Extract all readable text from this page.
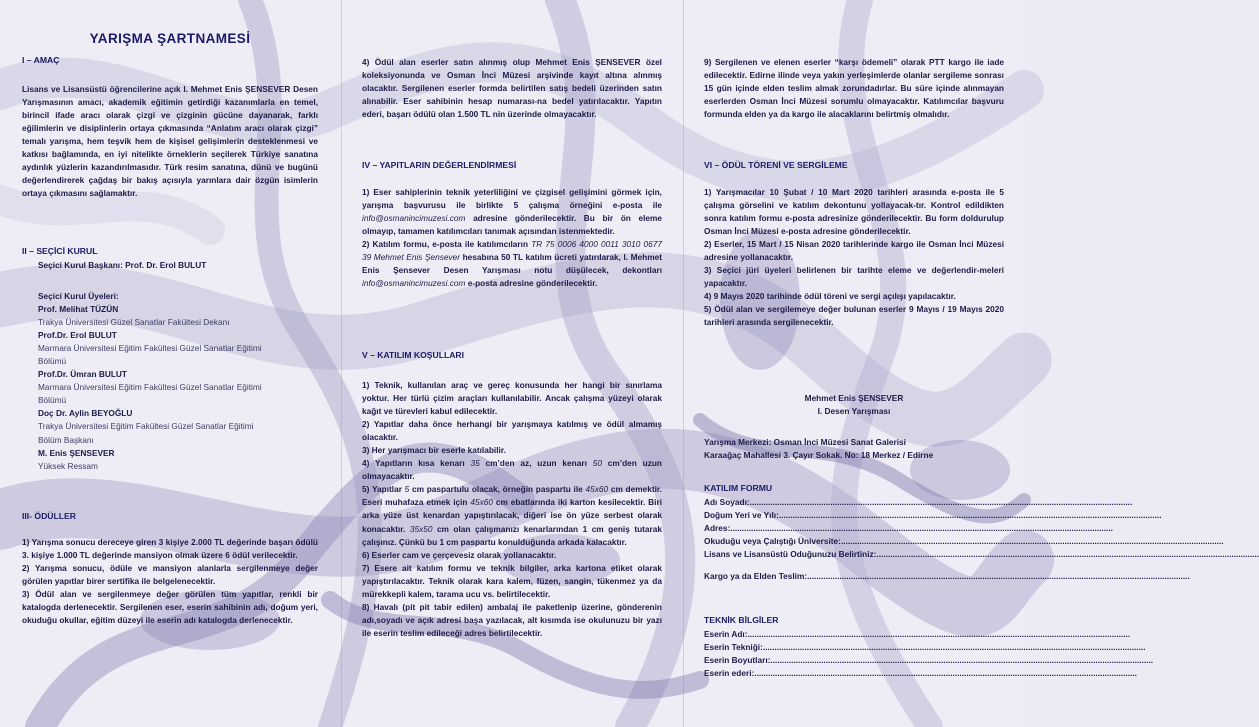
YARIŞMA ŞARTNAMESİ
I – AMAÇ

Lisans ve Lisansüstü öğrencilerine açık I. Mehmet Enis ŞENSEVER Desen Yarışmasının amacı, akademik eğitimin getirdiği kazanımlarla en temel, birincil ifade aracı olarak çizgi ve çizginin gücüne dayanarak, farklı eğilimlerin ve disiplinlerin ortaya çıkmasında “Anlatım aracı olarak çizgi” temalı yarışma, hem teşvik hem de kişisel gelişimlerin desteklenmesi ve katkısı bağlamında, en iyi nitelikte örneklerin seçilerek Türkiye sanatına aydınlık yüzlerin kazandırılmasıdır. Türk resim sanatına, dünü ve bugünü değerlendirerek çağdaş bir bakış açısıyla yarınlara dair özgün isimlerin ortaya çıkmasını sağlamaktır.

II – SEÇİCİ KURUL

Seçici Kurul Başkanı: Prof. Dr. Erol BULUT

Seçici Kurul Üyeleri:

Prof. Melihat TÜZÜN

Trakya Üniversitesi Güzel Sanatlar Fakültesi Dekanı

Prof.Dr. Erol BULUT

Marmara Üniversitesi Eğitim Fakültesi Güzel Sanatlar Eğitimi

Bölümü

Prof.Dr. Ümran BULUT

Marmara Üniversitesi Eğitim Fakültesi Güzel Sanatlar Eğitimi

Bölümü

Doç Dr. Aylin BEYOĞLU

Trakya Üniversitesi Eğitim Fakültesi Güzel Sanatlar Eğitimi

Bölüm Başkanı

M. Enis ŞENSEVER

Yüksek Ressam

III- ÖDÜLLER

1) Yarışma sonucu dereceye giren 3 kişiye 2.000 TL değerinde başarı ödülü 3. kişiye 1.000 TL değerinde mansiyon olmak üzere 6 ödül verilecektir.

2) Yarışma sonucu, ödüle ve mansiyon alanlarla sergilenmeye değer görülen yapıtlar birer sertifika ile belgelenecektir.

3) Ödül alan ve sergilenmeye değer görülen tüm yapıtlar, renkli bir katalogda derlenecektir. Sergilenen eser, eserin sahibinin adı, doğum yeri, okuduğu okullar, eğitim düzeyi ile eserin adı katalogda derlenecektir.

4) Ödül alan eserler satın alınmış olup Mehmet Enis ŞENSEVER özel koleksiyonunda ve Osman İnci Müzesi arşivinde kayıt altına alınmış olacaktır. Sergilenen eserler formda belirtilen satış bedeli üzerinden satın alınabilir. Eser sahibinin hesap numarası-na bedel yatırılacaktır. Yapıtın ederi, başarı ödülü olan 1.500 TL nin üzerinde olmayacaktır.

IV – YAPITLARIN DEĞERLENDİRMESİ

1) Eser sahiplerinin teknik yeterliliğini ve çizgisel gelişimini görmek için, yarışma başvurusu ile birlikte 5 çalışma örneğini e-posta ile info@osmanincimuzesi.com adresine gönderilecektir. Bu bir ön eleme olmayıp, tamamen katılımcıları tanımak açısından istenmektedir.

2) Katılım formu, e-posta ile katılımcıların TR 75 0006 4000 0011 3010 0677 39 Mehmet Enis Şensever hesabına 50 TL katılım ücreti yatırılarak, I. Mehmet Enis Şensever Desen Yarışması notu düşülecek, dekontları info@osmanincimuzesi.com e-posta adresine gönderilecektir.

V – KATILIM KOŞULLARI

1) Teknik, kullanılan araç ve gereç konusunda her hangi bir sınırlama yoktur. Her türlü çizim araçları kullanılabilir. Ancak çalışma yüzeyi olarak kağıt ve türevleri kabul edilecektir.

2) Yapıtlar daha önce herhangi bir yarışmaya katılmış ve ödül almamış olacaktır.

3) Her yarışmacı bir eserle katılabilir.

4) Yapıtların kısa kenarı 35 cm’den az, uzun kenarı 50 cm’den uzun olmayacaktır.

5) Yapıtlar 5 cm paspartulu olacak, örneğin paspartu ile 45x60 cm demektir. Eseri muhafaza etmek için 45x60 cm ebatlarında iki karton kesilecektir. Biri arka yüze üst kenardan yapıştırılacak, diğeri ise ön yüze serbest olarak konacaktır. 35x50 cm olan çalışmanızı kenarlarından 1 cm geniş tutarak çalışınız. Çünkü bu 1 cm paspartu konulduğunda arkada kalacaktır.

6) Eserler cam ve çerçevesiz olarak yollanacaktır.

7) Esere ait katılım formu ve teknik bilgiler, arka kartona etiket olarak yapıştırılacaktır. Teknik olarak kara kalem, füzen, sangin, tükenmez ya da mürekkepli kalem, tarama ucu vs. belirtilecektir.

8) Havalı (pit pit tabir edilen) ambalaj ile paketlenip üzerine, gönderenin adı,soyadı ve açık adresi başa yazılacak, alt kısımda ise okulunuzu bir yazı ile eserin teslim edileceği adres belirtilecektir.

9) Sergilenen ve elenen eserler “karşı ödemeli” olarak PTT kargo ile iade edilecektir. Edirne ilinde veya yakın yerleşimlerde olanlar sergileme sonrası 15 gün içinde elden teslim almak zorundadırlar. Bu süre içinde alınmayan eserlerden Osman İnci Müzesi sorumlu olmayacaktır. Katılımcılar başvuru formunda elden ya da kargo ile alacaklarını belirtmiş olmalıdır.

VI – ÖDÜL TÖRENİ VE SERGİLEME

1) Yarışmacılar 10 Şubat / 10 Mart 2020 tarihleri arasında e-posta ile 5 çalışma görselini ve katılım dekontunu yollayacak-tır. Kontrol edildikten sonra katılım formu e-posta adresinize gönderilecektir. Bu form doldurulup Osman İnci Müzesi e-posta adresine gönderilecektir.

2) Eserler, 15 Mart / 15 Nisan 2020 tarihlerinde kargo ile Osman İnci Müzesi adresine yollanacaktır.

3) Seçici jüri üyeleri belirlenen bir tarihte eleme ve değerlendir-meleri yapacaktır.

4) 9 Mayıs 2020 tarihinde ödül töreni ve sergi açılışı yapılacaktır.

5) Ödül alan ve sergilemeye değer bulunan eserler 9 Mayıs / 19 Mayıs 2020 tarihleri arasında sergilenecektir.

Mehmet Enis ŞENSEVER

I. Desen Yarışması

Yarışma Merkezi: Osman İnci Müzesi Sanat Galerisi

Karaağaç Mahallesi 3. Çayır Sokak. No: 18 Merkez / Edirne

KATILIM FORMU
Adı Soyadı: ......................................................................................................................................................................
Doğum Yeri ve Yılı: ......................................................................................................................................................................
Adres: ......................................................................................................................................................................
Okuduğu veya Çalıştığı Üniversite: ......................................................................................................................................................................
Lisans ve Lisansüstü Oduğunuzu Belirtiniz: ......................................................................................................................................................................
Kargo ya da Elden Teslim: ......................................................................................................................................................................
TEKNİK BİLGİLER
Eserin Adı: ......................................................................................................................................................................
Eserin Tekniği: ......................................................................................................................................................................
Eserin Boyutları: ......................................................................................................................................................................
Eserin ederi: ......................................................................................................................................................................
